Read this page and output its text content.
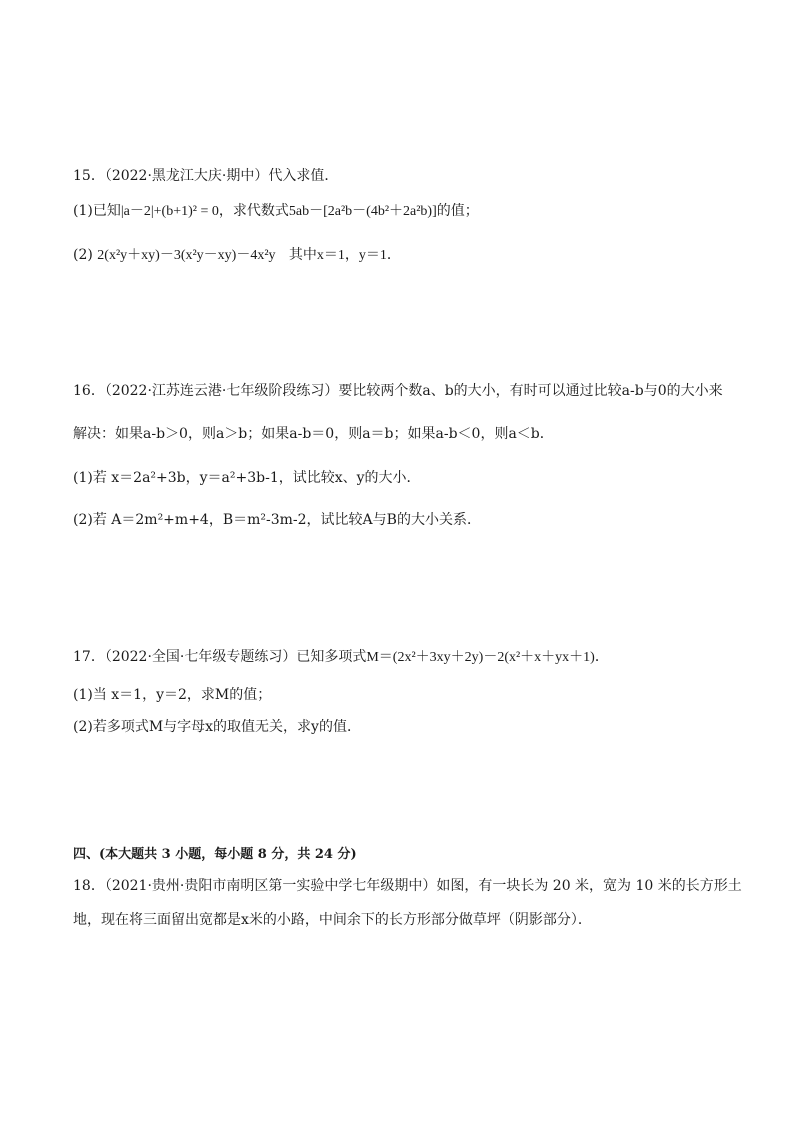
15．（2022·黑龙江大庆·期中）代入求值．
(1)已知|a－2|+(b+1)² = 0，求代数式5ab－[2a²b－(4b²＋2a²b)]的值；
(2) 2(x²y＋xy)－3(x²y－xy)－4x²y 其中x＝1，y＝1．
16．（2022·江苏连云港·七年级阶段练习）要比较两个数a、b的大小，有时可以通过比较a-b与0的大小来
解决：如果a-b＞0，则a＞b；如果a-b＝0，则a＝b；如果a-b＜0，则a＜b．
(1)若 x＝2a²+3b，y＝a²+3b-1，试比较x、y的大小．
(2)若 A＝2m²+m+4，B＝m²-3m-2，试比较A与B的大小关系．
17．（2022·全国·七年级专题练习）已知多项式M＝(2x²＋3xy＋2y)－2(x²＋x＋yx＋1)．
(1)当 x＝1，y＝2，求M的值；
(2)若多项式M与字母x的取值无关，求y的值．
四、(本大题共 3 小题，每小题 8 分，共 24 分)
18．（2021·贵州·贵阳市南明区第一实验中学七年级期中）如图，有一块长为 20 米，宽为 10 米的长方形土
地，现在将三面留出宽都是x米的小路，中间余下的长方形部分做草坪（阴影部分）．
